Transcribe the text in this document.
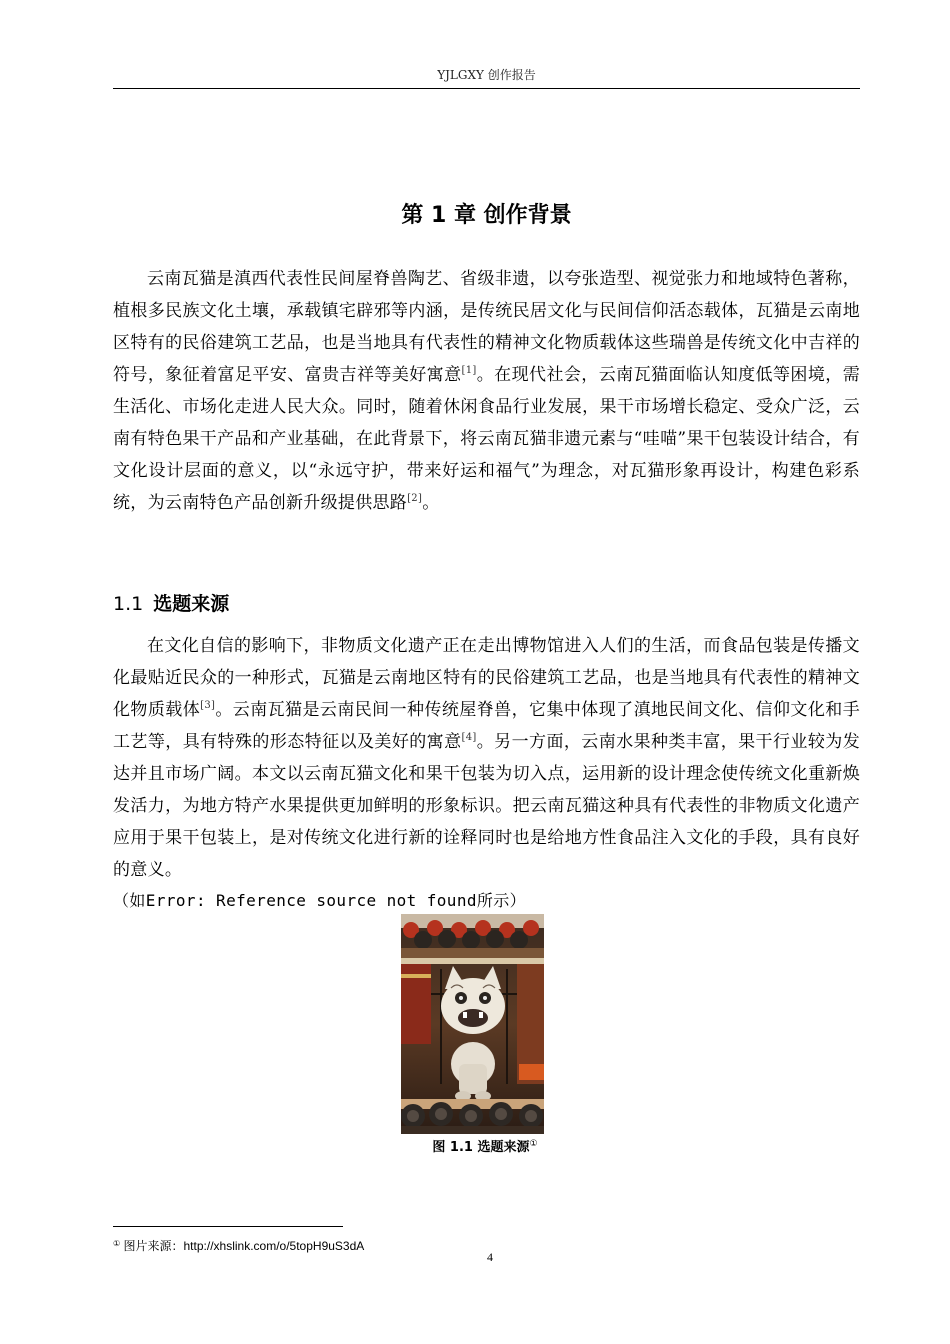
YJLGXY 创作报告
第 1 章 创作背景

云南瓦猫是滇西代表性民间屋脊兽陶艺、省级非遗，以夸张造型、视觉张力和地域特色著称，植根多民族文化土壤，承载镇宅辟邪等内涵，是传统民居文化与民间信仰活态载体，瓦猫是云南地区特有的民俗建筑工艺品，也是当地具有代表性的精神文化物质载体这些瑞兽是传统文化中吉祥的符号，象征着富足平安、富贵吉祥等美好寓意[1]。在现代社会，云南瓦猫面临认知度低等困境，需生活化、市场化走进人民大众。同时，随着休闲食品行业发展，果干市场增长稳定、受众广泛，云南有特色果干产品和产业基础，在此背景下，将云南瓦猫非遗元素与“哇喵”果干包装设计结合，有文化设计层面的意义，以“永远守护，带来好运和福气”为理念，对瓦猫形象再设计，构建色彩系统，为云南特色产品创新升级提供思路[2]。

1.1 选题来源

在文化自信的影响下，非物质文化遗产正在走出博物馆进入人们的生活，而食品包装是传播文化最贴近民众的一种形式，瓦猫是云南地区特有的民俗建筑工艺品，也是当地具有代表性的精神文化物质载体[3]。云南瓦猫是云南民间一种传统屋脊兽，它集中体现了滇地民间文化、信仰文化和手工艺等，具有特殊的形态特征以及美好的寓意[4]。另一方面，云南水果种类丰富，果干行业较为发达并且市场广阔。本文以云南瓦猫文化和果干包装为切入点，运用新的设计理念使传统文化重新焕发活力，为地方特产水果提供更加鲜明的形象标识。把云南瓦猫这种具有代表性的非物质文化遗产应用于果干包装上，是对传统文化进行新的诠释同时也是给地方性食品注入文化的手段，具有良好的意义。

（如Error: Reference source not found所示）
图 1.1 选题来源①
① 图片来源：http://xhslink.com/o/5topH9uS3dA
4
